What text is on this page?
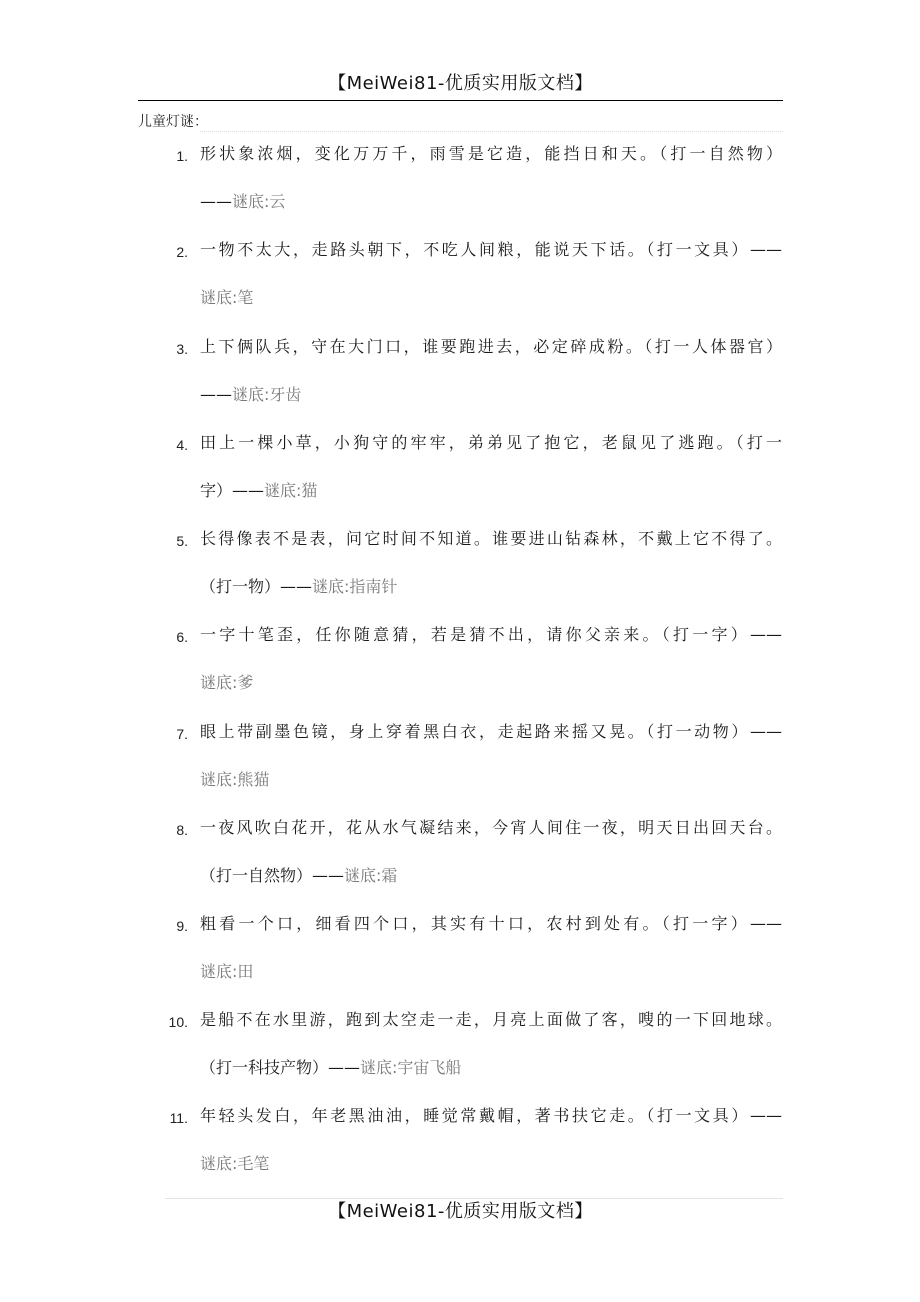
【MeiWei81-优质实用版文档】
儿童灯谜：
1. 形状象浓烟，变化万万千，雨雪是它造，能挡日和天。（打一自然物）
——谜底:云
2. 一物不太大，走路头朝下，不吃人间粮，能说天下话。（打一文具）——
谜底:笔
3. 上下俩队兵，守在大门口，谁要跑进去，必定碎成粉。（打一人体器官）
——谜底:牙齿
4. 田上一棵小草，小狗守的牢牢，弟弟见了抱它，老鼠见了逃跑。（打一
字）——谜底:猫
5. 长得像表不是表，问它时间不知道。谁要进山钻森林，不戴上它不得了。
（打一物）——谜底:指南针
6. 一字十笔歪，任你随意猜，若是猜不出，请你父亲来。（打一字）——
谜底:爹
7. 眼上带副墨色镜，身上穿着黑白衣，走起路来摇又晃。（打一动物）——
谜底:熊猫
8. 一夜风吹白花开，花从水气凝结来，今宵人间住一夜，明天日出回天台。
（打一自然物）——谜底:霜
9. 粗看一个口，细看四个口，其实有十口，农村到处有。（打一字）——
谜底:田
10. 是船不在水里游，跑到太空走一走，月亮上面做了客，嗖的一下回地球。
（打一科技产物）——谜底:宇宙飞船
11. 年轻头发白，年老黑油油，睡觉常戴帽，著书扶它走。（打一文具）——
谜底:毛笔
【MeiWei81-优质实用版文档】
